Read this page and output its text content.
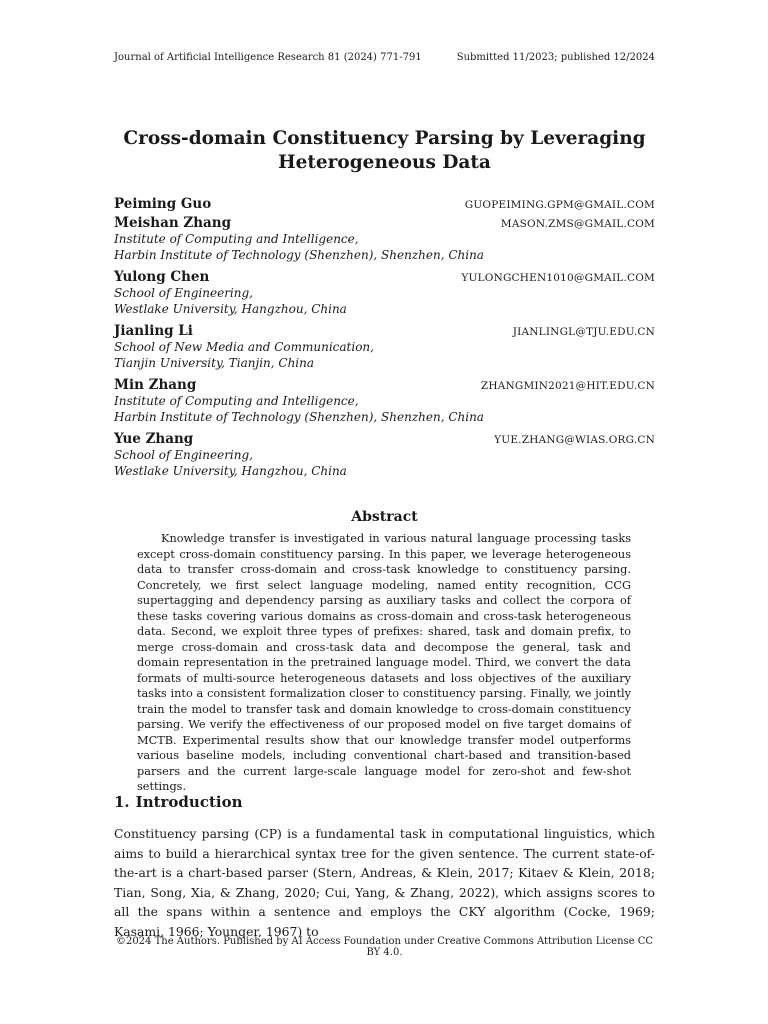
Journal of Artificial Intelligence Research 81 (2024) 771-791	Submitted 11/2023; published 12/2024
Cross-domain Constituency Parsing by Leveraging
Heterogeneous Data
Peiming Guo	GUOPEIMING.GPM@GMAIL.COM
Meishan Zhang	MASON.ZMS@GMAIL.COM
Institute of Computing and Intelligence,
Harbin Institute of Technology (Shenzhen), Shenzhen, China
Yulong Chen	YULONGCHEN1010@GMAIL.COM
School of Engineering,
Westlake University, Hangzhou, China
Jianling Li	JIANLINGL@TJU.EDU.CN
School of New Media and Communication,
Tianjin University, Tianjin, China
Min Zhang	ZHANGMIN2021@HIT.EDU.CN
Institute of Computing and Intelligence,
Harbin Institute of Technology (Shenzhen), Shenzhen, China
Yue Zhang	YUE.ZHANG@WIAS.ORG.CN
School of Engineering,
Westlake University, Hangzhou, China
Abstract
Knowledge transfer is investigated in various natural language processing tasks except cross-domain constituency parsing. In this paper, we leverage heterogeneous data to transfer cross-domain and cross-task knowledge to constituency parsing. Concretely, we first select language modeling, named entity recognition, CCG supertagging and dependency parsing as auxiliary tasks and collect the corpora of these tasks covering various domains as cross-domain and cross-task heterogeneous data. Second, we exploit three types of prefixes: shared, task and domain prefix, to merge cross-domain and cross-task data and decompose the general, task and domain representation in the pretrained language model. Third, we convert the data formats of multi-source heterogeneous datasets and loss objectives of the auxiliary tasks into a consistent formalization closer to constituency parsing. Finally, we jointly train the model to transfer task and domain knowledge to cross-domain constituency parsing. We verify the effectiveness of our proposed model on five target domains of MCTB. Experimental results show that our knowledge transfer model outperforms various baseline models, including conventional chart-based and transition-based parsers and the current large-scale language model for zero-shot and few-shot settings.
1. Introduction
Constituency parsing (CP) is a fundamental task in computational linguistics, which aims to build a hierarchical syntax tree for the given sentence. The current state-of-the-art is a chart-based parser (Stern, Andreas, & Klein, 2017; Kitaev & Klein, 2018; Tian, Song, Xia, & Zhang, 2020; Cui, Yang, & Zhang, 2022), which assigns scores to all the spans within a sentence and employs the CKY algorithm (Cocke, 1969; Kasami, 1966; Younger, 1967) to
©2024 The Authors. Published by AI Access Foundation under Creative Commons Attribution License CC BY 4.0.
